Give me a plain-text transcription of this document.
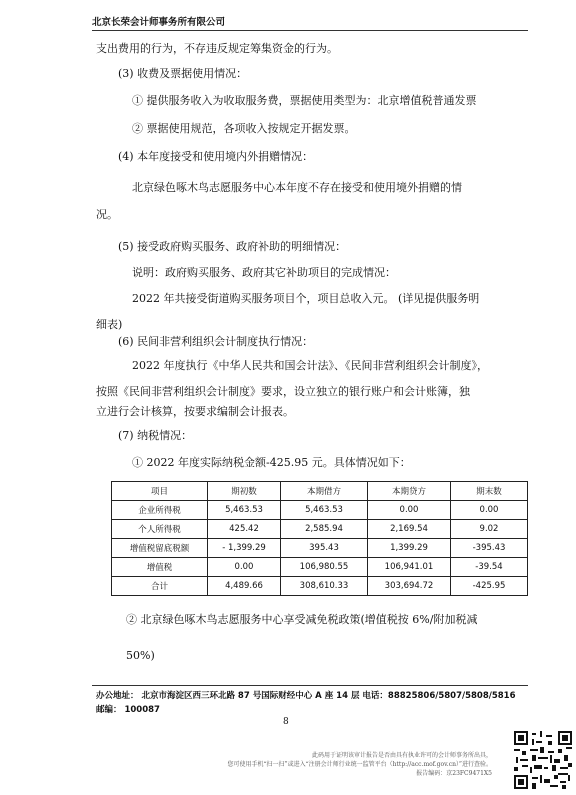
北京长荣会计师事务所有限公司
支出费用的行为，不存违反规定筹集资金的行为。
(3) 收费及票据使用情况：
① 提供服务收入为收取服务费，票据使用类型为：北京增值税普通发票
② 票据使用规范，各项收入按规定开据发票。
(4) 本年度接受和使用境内外捐赠情况：
北京绿色啄木鸟志愿服务中心本年度不存在接受和使用境外捐赠的情
况。
(5) 接受政府购买服务、政府补助的明细情况：
说明：政府购买服务、政府其它补助项目的完成情况：
2022 年共接受街道购买服务项目个，项目总收入元。 (详见提供服务明
细表)
(6) 民间非营利组织会计制度执行情况：
2022 年度执行《中华人民共和国会计法》、《民间非营利组织会计制度》，
按照《民间非营利组织会计制度》要求，设立独立的银行账户和会计账簿，独
立进行会计核算，按要求编制会计报表。
(7) 纳税情况：
① 2022 年度实际纳税金额-425.95 元。具体情况如下：
项目	期初数	本期借方	本期贷方	期末数
企业所得税	5,463.53	5,463.53	0.00	0.00
个人所得税	425.42	2,585.94	2,169.54	9.02
增值税留底税额	- 1,399.29	395.43	1,399.29	-395.43
增值税	0.00	106,980.55	106,941.01	-39.54
合计	4,489.66	308,610.33	303,694.72	-425.95
② 北京绿色啄木鸟志愿服务中心享受减免税政策(增值税按 6%/附加税减
50%)
办公地址： 北京市海淀区西三环北路 87 号国际财经中心 A 座 14 层 电话：88825806/5807/5808/5816
邮编： 100087
8
此码用于证明该审计报告是否由具有执业许可的会计师事务所出具，
您可使用手机“扫一扫”或进入“注册会计师行业统一监管平台（http://acc.mof.gov.cn）”进行查验。
报告编码：京23FC9471X5
